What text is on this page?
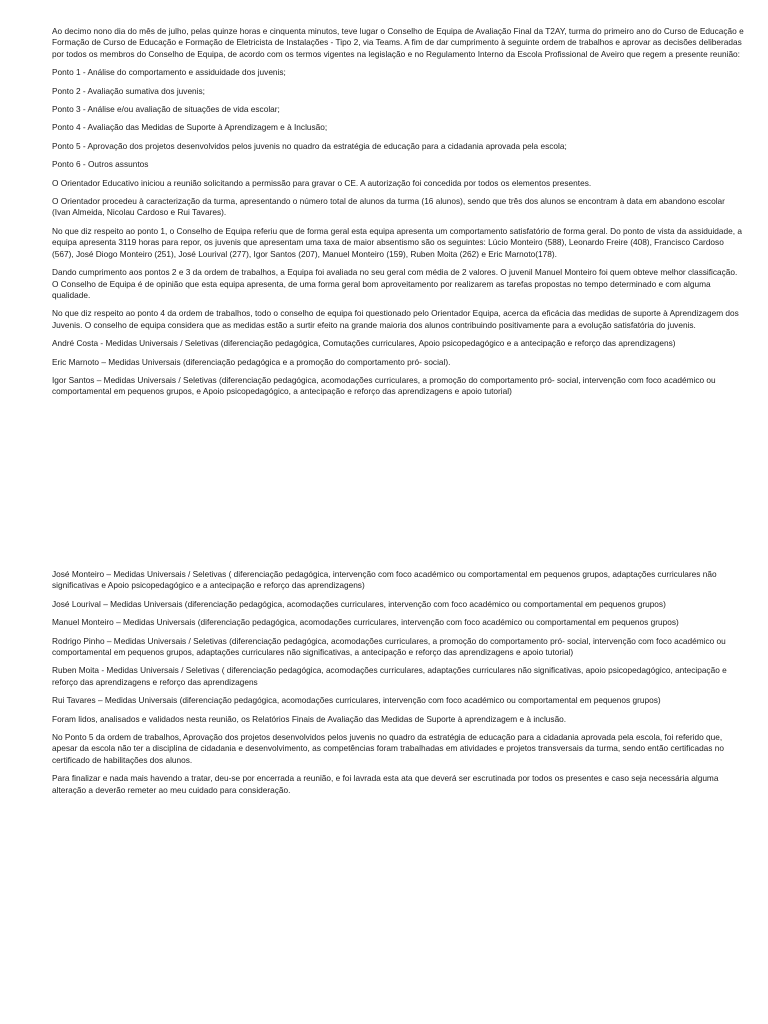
Ao decimo nono dia do mês de julho, pelas quinze horas e cinquenta minutos, teve lugar o Conselho de Equipa de Avaliação Final da T2AY, turma do primeiro ano do Curso de Educação e Formação de Curso de Educação e Formação de Eletricista de Instalações - Tipo 2, via Teams. A fim de dar cumprimento à seguinte ordem de trabalhos e aprovar as decisões deliberadas por todos os membros do Conselho de Equipa, de acordo com os termos vigentes na legislação e no Regulamento Interno da Escola Profissional de Aveiro que regem a presente reunião:

Ponto 1 - Análise do comportamento e assiduidade dos juvenis;

Ponto 2 - Avaliação sumativa dos juvenis;

Ponto 3 - Análise e/ou avaliação de situações de vida escolar;

Ponto 4 - Avaliação das Medidas de Suporte à Aprendizagem e à Inclusão;

Ponto 5 - Aprovação dos projetos desenvolvidos pelos juvenis no quadro da estratégia de educação para a cidadania aprovada pela escola;

Ponto 6 - Outros assuntos

O Orientador Educativo iniciou a reunião solicitando a permissão para gravar o CE. A autorização foi concedida por todos os elementos presentes.

O Orientador procedeu à caracterização da turma, apresentando o número total de alunos da turma (16 alunos), sendo que três dos alunos se encontram à data em abandono escolar (Ivan Almeida, Nicolau Cardoso e Rui Tavares).

No que diz respeito ao ponto 1, o Conselho de Equipa referiu que de forma geral esta equipa apresenta um comportamento satisfatório de forma geral. Do ponto de vista da assiduidade, a equipa apresenta 3119 horas para repor, os juvenis que apresentam uma taxa de maior absentismo são os seguintes: Lúcio Monteiro (588), Leonardo Freire (408), Francisco Cardoso (567), José Diogo Monteiro (251), José Lourival (277), Igor Santos (207), Manuel Monteiro (159), Ruben Moita (262) e Eric Marnoto(178).

Dando cumprimento aos pontos 2 e 3 da ordem de trabalhos, a Equipa foi avaliada no seu geral com média de 2 valores. O juvenil Manuel Monteiro foi quem obteve melhor classificação. O Conselho de Equipa é de opinião que esta equipa apresenta, de uma forma geral bom aproveitamento por realizarem as tarefas propostas no tempo determinado e com alguma qualidade.

No que diz respeito ao ponto 4 da ordem de trabalhos, todo o conselho de equipa foi questionado pelo Orientador Equipa, acerca da eficácia das medidas de suporte à Aprendizagem dos Juvenis. O conselho de equipa considera que as medidas estão a surtir efeito na grande maioria dos alunos contribuindo positivamente para a evolução satisfatória do juvenis.

André Costa - Medidas Universais / Seletivas (diferenciação pedagógica, Comutações curriculares, Apoio psicopedagógico e a antecipação e reforço das aprendizagens)

Eric Marnoto – Medidas Universais (diferenciação pedagógica e a promoção do comportamento pró- social).

Igor Santos – Medidas Universais / Seletivas (diferenciação pedagógica, acomodações curriculares, a promoção do comportamento pró- social, intervenção com foco académico ou comportamental em pequenos grupos, e Apoio psicopedagógico, a antecipação e reforço das aprendizagens e apoio tutorial)

José Monteiro – Medidas Universais / Seletivas ( diferenciação pedagógica, intervenção com foco académico ou comportamental em pequenos grupos, adaptações curriculares não significativas e Apoio psicopedagógico e a antecipação e reforço das aprendizagens)

José Lourival – Medidas Universais (diferenciação pedagógica, acomodações curriculares, intervenção com foco académico ou comportamental em pequenos grupos)

Manuel Monteiro – Medidas Universais (diferenciação pedagógica, acomodações curriculares, intervenção com foco académico ou comportamental em pequenos grupos)

Rodrigo Pinho – Medidas Universais / Seletivas (diferenciação pedagógica, acomodações curriculares, a promoção do comportamento pró- social, intervenção com foco académico ou comportamental em pequenos grupos, adaptações curriculares não significativas, a antecipação e reforço das aprendizagens e apoio tutorial)

Ruben Moita - Medidas Universais / Seletivas ( diferenciação pedagógica, acomodações curriculares, adaptações curriculares não significativas, apoio psicopedagógico, antecipação e reforço das aprendizagens e reforço das aprendizagens

Rui Tavares – Medidas Universais (diferenciação pedagógica, acomodações curriculares, intervenção com foco académico ou comportamental em pequenos grupos)

Foram lidos, analisados e validados nesta reunião, os Relatórios Finais de Avaliação das Medidas de Suporte à aprendizagem e à inclusão.

No Ponto 5 da ordem de trabalhos, Aprovação dos projetos desenvolvidos pelos juvenis no quadro da estratégia de educação para a cidadania aprovada pela escola, foi referido que, apesar da escola não ter a disciplina de cidadania e desenvolvimento, as competências foram trabalhadas em atividades e projetos transversais da turma, sendo então certificadas no certificado de habilitações dos alunos.

Para finalizar e nada mais havendo a tratar, deu-se por encerrada a reunião, e foi lavrada esta ata que deverá ser escrutinada por todos os presentes e caso seja necessária alguma alteração a deverão remeter ao meu cuidado para consideração.
